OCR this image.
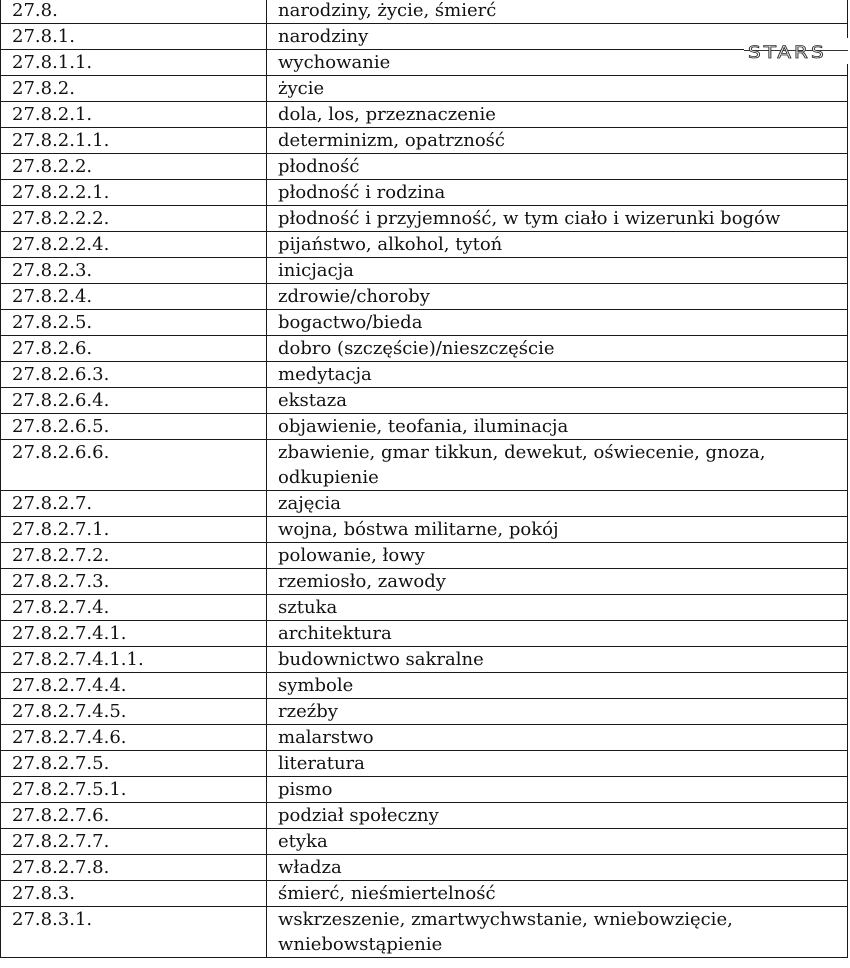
27.8.	narodziny, życie, śmierć
27.8.1.	narodziny
27.8.1.1.	wychowanie
27.8.2.	życie
27.8.2.1.	dola, los, przeznaczenie
27.8.2.1.1.	determinizm, opatrzność
27.8.2.2.	płodność
27.8.2.2.1.	płodność i rodzina
27.8.2.2.2.	płodność i przyjemność, w tym ciało i wizerunki bogów
27.8.2.2.4.	pijaństwo, alkohol, tytoń
27.8.2.3.	inicjacja
27.8.2.4.	zdrowie/choroby
27.8.2.5.	bogactwo/bieda
27.8.2.6.	dobro (szczęście)/nieszczęście
27.8.2.6.3.	medytacja
27.8.2.6.4.	ekstaza
27.8.2.6.5.	objawienie, teofania, iluminacja
27.8.2.6.6.	zbawienie, gmar tikkun, dewekut, oświecenie, gnoza, odkupienie
27.8.2.7.	zajęcia
27.8.2.7.1.	wojna, bóstwa militarne, pokój
27.8.2.7.2.	polowanie, łowy
27.8.2.7.3.	rzemiosło, zawody
27.8.2.7.4.	sztuka
27.8.2.7.4.1.	architektura
27.8.2.7.4.1.1.	budownictwo sakralne
27.8.2.7.4.4.	symbole
27.8.2.7.4.5.	rzeźby
27.8.2.7.4.6.	malarstwo
27.8.2.7.5.	literatura
27.8.2.7.5.1.	pismo
27.8.2.7.6.	podział społeczny
27.8.2.7.7.	etyka
27.8.2.7.8.	władza
27.8.3.	śmierć, nieśmiertelność
27.8.3.1.	wskrzeszenie, zmartwychwstanie, wniebowzięcie, wniebowstąpienie
STARS
